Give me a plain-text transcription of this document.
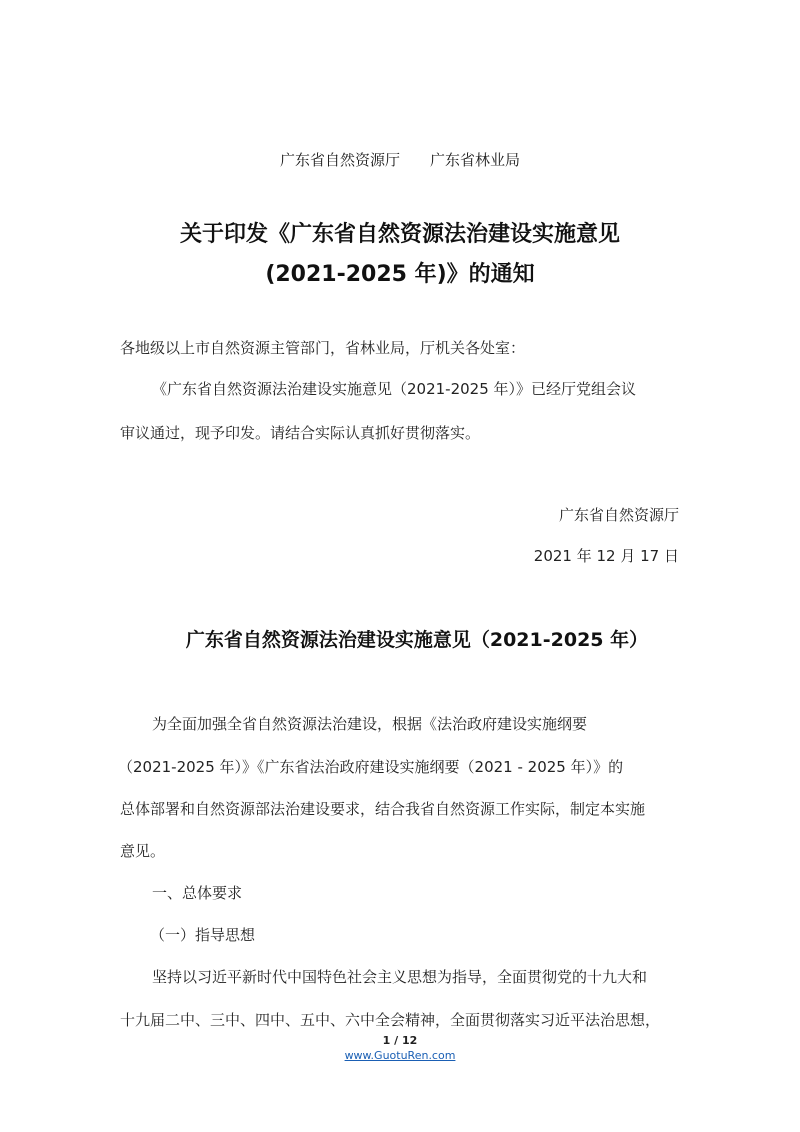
广东省自然资源厅　　广东省林业局
关于印发《广东省自然资源法治建设实施意见
(2021-2025 年)》的通知
各地级以上市自然资源主管部门，省林业局，厅机关各处室：
《广东省自然资源法治建设实施意见（2021-2025 年）》已经厅党组会议
审议通过，现予印发。请结合实际认真抓好贯彻落实。
广东省自然资源厅
2021 年 12 月 17 日
广东省自然资源法治建设实施意见（2021-2025 年）
为全面加强全省自然资源法治建设，根据《法治政府建设实施纲要
（2021-2025 年）》《广东省法治政府建设实施纲要（2021 - 2025 年）》的
总体部署和自然资源部法治建设要求，结合我省自然资源工作实际，制定本实施
意见。
一、总体要求
（一）指导思想
坚持以习近平新时代中国特色社会主义思想为指导，全面贯彻党的十九大和
十九届二中、三中、四中、五中、六中全会精神，全面贯彻落实习近平法治思想，
1 / 12
www.GuotuRen.com
